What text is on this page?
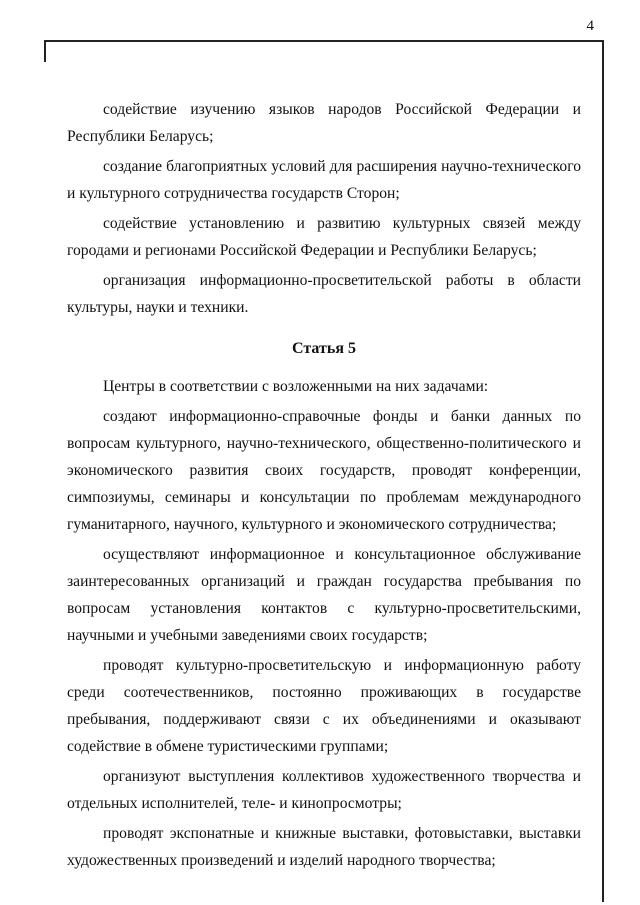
4

содействие изучению языков народов Российской Федерации и Республики Беларусь;

создание благоприятных условий для расширения научно-технического и культурного сотрудничества государств Сторон;

содействие установлению и развитию культурных связей между городами и регионами Российской Федерации и Республики Беларусь;

организация информационно-просветительской работы в области культуры, науки и техники.

Статья 5

Центры в соответствии с возложенными на них задачами:

создают информационно-справочные фонды и банки данных по вопросам культурного, научно-технического, общественно-политического и экономического развития своих государств, проводят конференции, симпозиумы, семинары и консультации по проблемам международного гуманитарного, научного, культурного и экономического сотрудничества;

осуществляют информационное и консультационное обслуживание заинтересованных организаций и граждан государства пребывания по вопросам установления контактов с культурно-просветительскими, научными и учебными заведениями своих государств;

проводят культурно-просветительскую и информационную работу среди соотечественников, постоянно проживающих в государстве пребывания, поддерживают связи с их объединениями и оказывают содействие в обмене туристическими группами;

организуют выступления коллективов художественного творчества и отдельных исполнителей, теле- и кинопросмотры;

проводят экспонатные и книжные выставки, фотовыставки, выставки художественных произведений и изделий народного творчества;
